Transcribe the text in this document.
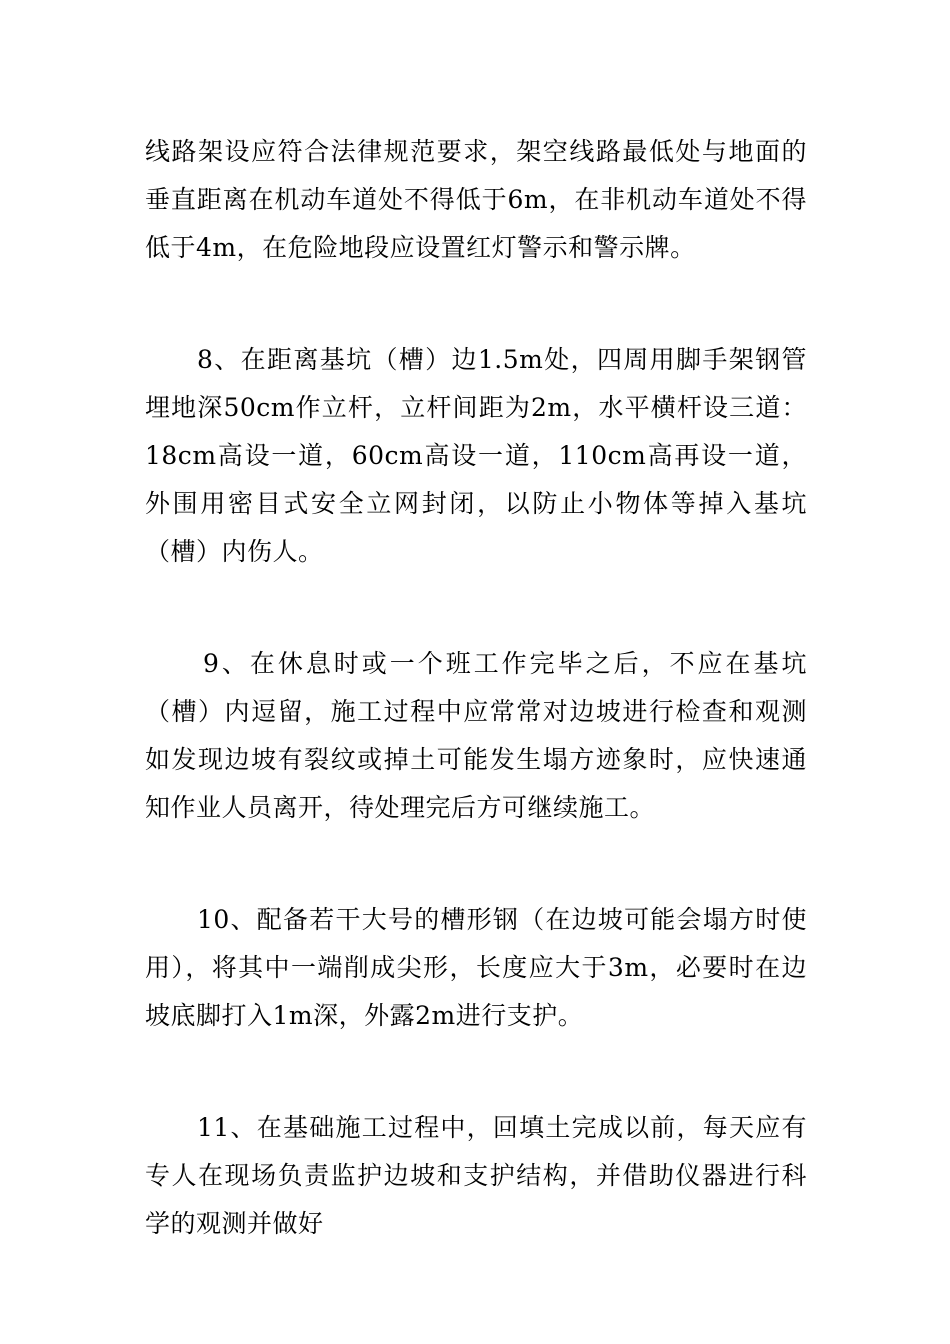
线路架设应符合法律规范要求，架空线路最低处与地面的垂直距离在机动车道处不得低于6m，在非机动车道处不得低于4m，在危险地段应设置红灯警示和警示牌。

8、在距离基坑（槽）边1.5m处，四周用脚手架钢管埋地深50cm作立杆，立杆间距为2m，水平横杆设三道：18cm高设一道，60cm高设一道，110cm高再设一道，外围用密目式安全立网封闭，以防止小物体等掉入基坑（槽）内伤人。

9、在休息时或一个班工作完毕之后，不应在基坑（槽）内逗留，施工过程中应常常对边坡进行检查和观测如发现边坡有裂纹或掉土可能发生塌方迹象时，应快速通知作业人员离开，待处理完后方可继续施工。

10、配备若干大号的槽形钢（在边坡可能会塌方时使用），将其中一端削成尖形，长度应大于3m，必要时在边坡底脚打入1m深，外露2m进行支护。

11、在基础施工过程中，回填土完成以前，每天应有专人在现场负责监护边坡和支护结构，并借助仪器进行科学的观测并做好
